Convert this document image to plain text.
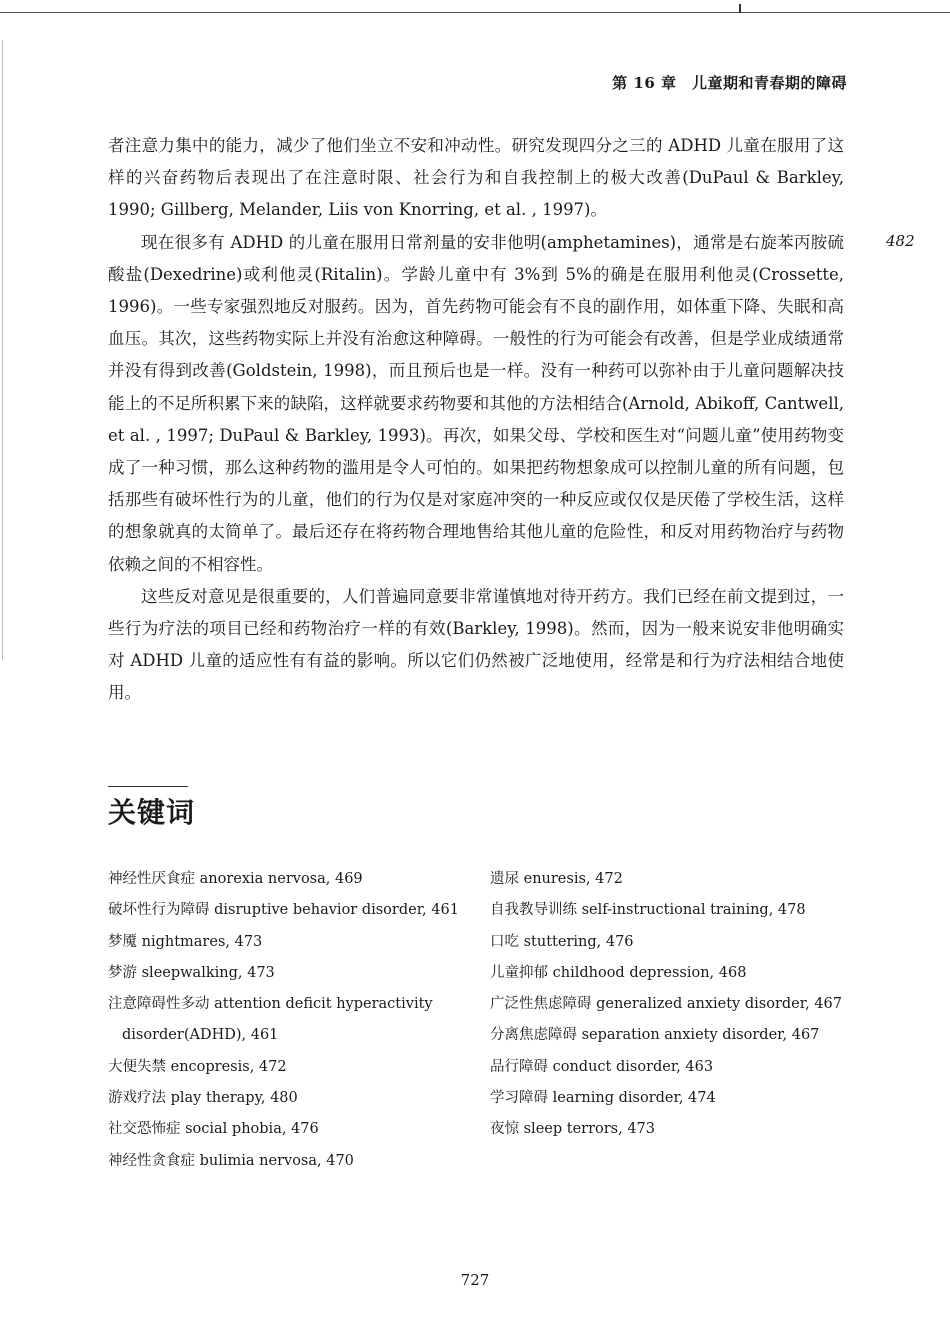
第 16 章　儿童期和青春期的障碍
482

者注意力集中的能力，减少了他们坐立不安和冲动性。研究发现四分之三的 ADHD 儿童在服用了这样的兴奋药物后表现出了在注意时限、社会行为和自我控制上的极大改善(DuPaul & Barkley, 1990; Gillberg, Melander, Liis von Knorring, et al. , 1997)。

现在很多有 ADHD 的儿童在服用日常剂量的安非他明(amphetamines)，通常是右旋苯丙胺硫酸盐(Dexedrine)或利他灵(Ritalin)。学龄儿童中有 3%到 5%的确是在服用利他灵(Crossette, 1996)。一些专家强烈地反对服药。因为，首先药物可能会有不良的副作用，如体重下降、失眠和高血压。其次，这些药物实际上并没有治愈这种障碍。一般性的行为可能会有改善，但是学业成绩通常并没有得到改善(Goldstein, 1998)，而且预后也是一样。没有一种药可以弥补由于儿童问题解决技能上的不足所积累下来的缺陷，这样就要求药物要和其他的方法相结合(Arnold, Abikoff, Cantwell, et al. , 1997; DuPaul & Barkley, 1993)。再次，如果父母、学校和医生对“问题儿童”使用药物变成了一种习惯，那么这种药物的滥用是令人可怕的。如果把药物想象成可以控制儿童的所有问题，包括那些有破坏性行为的儿童，他们的行为仅是对家庭冲突的一种反应或仅仅是厌倦了学校生活，这样的想象就真的太简单了。最后还存在将药物合理地售给其他儿童的危险性，和反对用药物治疗与药物依赖之间的不相容性。

这些反对意见是很重要的，人们普遍同意要非常谨慎地对待开药方。我们已经在前文提到过，一些行为疗法的项目已经和药物治疗一样的有效(Barkley, 1998)。然而，因为一般来说安非他明确实对 ADHD 儿童的适应性有有益的影响。所以它们仍然被广泛地使用，经常是和行为疗法相结合地使用。

关键词

神经性厌食症 anorexia nervosa, 469

破坏性行为障碍 disruptive behavior disorder, 461

梦魇 nightmares, 473

梦游 sleepwalking, 473

注意障碍性多动 attention deficit hyperactivity disorder(ADHD), 461

大便失禁 encopresis, 472

游戏疗法 play therapy, 480

社交恐怖症 social phobia, 476

神经性贪食症 bulimia nervosa, 470

遗尿 enuresis, 472

自我教导训练 self-instructional training, 478

口吃 stuttering, 476

儿童抑郁 childhood depression, 468

广泛性焦虑障碍 generalized anxiety disorder, 467

分离焦虑障碍 separation anxiety disorder, 467

品行障碍 conduct disorder, 463

学习障碍 learning disorder, 474

夜惊 sleep terrors, 473

727
